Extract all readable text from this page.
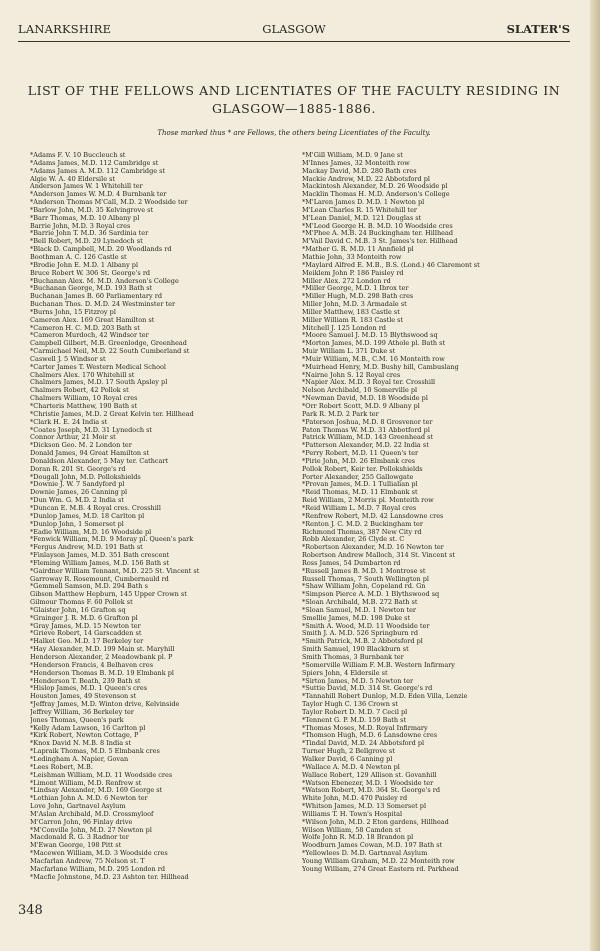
LANARKSHIRE	GLASGOW	SLATER'S
LIST OF THE FELLOWS AND LICENTIATES OF THE FACULTY RESIDING IN
GLASGOW—1885-1886.
Those marked thus * are Fellows, the others being Licentiates of the Faculty.
*Adams F. V. 10 Buccleuch st
*Adams James, M.D. 112 Cambridge st
*Adams James A. M.D. 112 Cambridge st
Algie W. A. 40 Eldersile st
Anderson James W. 1 Whitehill ter
*Anderson James W. M.D. 4 Burnbank ter
*Anderson Thomas M'Call, M.D. 2 Woodside ter
*Barlow John, M.D. 35 Kelvingrove st
*Barr Thomas, M.D. 10 Albany pl
Barrie John, M.D. 3 Royal cres
*Barrie John T. M.D. 36 Sardinia ter
*Bell Robert, M.D. 29 Lynedoch st
*Black D. Campbell, M.D. 20 Woodlands rd
Boothman A. C. 126 Castle st
*Brodie John E. M.D. 1 Albany pl
Bruce Robert W. 306 St. George's rd
*Buchanan Alex. M. M.D. Anderson's College
*Buchanan George, M.D. 193 Bath st
Buchanan James B. 60 Parliamentary rd
Buchanan Thos. D. M.D. 24 Westminster ter
*Burns John, 15 Fitzroy pl
Cameron Alex. 169 Great Hamilton st
*Cameron H. C. M.D. 203 Bath st
*Cameron Murdoch, 42 Windsor ter
Campbell Gilbert, M.B. Greenlodge, Greenhead
*Carmichael Neil, M.D. 22 South Cumberland st
Caswell J. 5 Windsor st
*Carter James T. Western Medical School
Chalmers Alex. 170 Whitehill st
Chalmers James, M.D. 17 South Apsley pl
Chalmers Robert, 42 Pollok st
Chalmers William, 10 Royal cres
*Charteris Matthew, 190 Bath st
*Christie James, M.D. 2 Great Kelvin ter. Hillhead
*Clark H. E. 24 India st
*Coates Joseph, M.D. 31 Lynedoch st
Connor Arthur, 21 Moir st
*Dickson Geo. M. 2 London ter
Donald James, 94 Great Hamilton st
Donaldson Alexander, 5 May ter. Cathcart
Doran R. 201 St. George's rd
*Dougall John, M.D. Pollokshields
*Downie J. W. 7 Sandyford pl
Downie James, 26 Canning pl
*Dun Wm. G. M.D. 2 India st
*Duncan E. M.B. 4 Royal cres. Crosshill
*Dunlop James, M.D. 18 Carlton pl
*Dunlop John, 1 Somerset pl
*Eadie William, M.D. 16 Woodside pl
*Fenwick William, M.D. 9 Moray pl. Queen's park
*Fergus Andrew, M.D. 191 Bath st
*Finlayson James, M.D. 351 Bath crescent
*Fleming William James, M.D. 156 Bath st
*Gairdner William Tennant, M.D. 225 St. Vincent st
Garroway R. Rosemount, Cumbernauld rd
*Gemmell Samson, M.D. 294 Bath s
Gibson Matthew Hepburn, 145 Upper Crown st
Gilmour Thomas F. 60 Pollok st
*Glaister John, 16 Grafton sq
*Grainger J. R. M.D. 6 Grafton pl
*Gray James, M.D. 15 Newton ter
*Grieve Robert, 14 Garscadden st
*Halket Geo. M.D. 17 Berkeley ter
*Hay Alexander, M.D. 199 Main st. Maryhill
Henderson Alexander, 2 Meadowbank pl. P
*Henderson Francis, 4 Belhaven cres
*Henderson Thomas B. M.D. 19 Elmbank pl
*Henderson T. Beath, 239 Bath st
*Hislop James, M.D. 1 Queen's cres
Houston James, 49 Stevenson st
*Jeffray James, M.D. Winton drive, Kelvinside
Jeffrey William, 36 Berkeley ter
Jones Thomas, Queen's park
*Kelly Adam Lawson, 16 Carlton pl
*Kirk Robert, Newton Cottage, P
*Knox David N. M.B. 8 India st
*Lapraik Thomas, M.D. 5 Elmbank cres
*Ledingham A. Napier, Govan
*Lees Robert, M.B.
*Leishman William, M.D. 11 Woodside cres
*Limont William, M.D. Renfrew st
*Lindsay Alexander, M.D. 169 George st
*Lothian John A. M.D. 6 Newton ter
Love John, Gartnavel Asylum
M'Aslan Archibald, M.D. Crossmyloof
M'Carron John, 96 Finlay drive
*M'Conville John, M.D. 27 Newton pl
Macdonald R. G. 3 Radnor ter
M'Ewan George, 198 Pitt st
*Macewen William, M.D. 3 Woodside cres
Macfarlan Andrew, 75 Nelson st. T
Macfarlane William, M.D. 295 London rd
*Macfie Johnstone, M.D. 23 Ashton ter. Hillhead
*M'Gill William, M.D. 9 Jane st
M'Innes James, 32 Monteith row
Mackay David, M.D. 280 Bath cres
Mackie Andrew, M.D. 22 Abbotsford pl
Mackintosh Alexander, M.D. 26 Woodside pl
Macklin Thomas H. M.D. Anderson's College
*M'Laren James D. M.D. 1 Newton pl
M'Lean Charles R. 15 Whitehill ter
M'Lean Daniel, M.D. 121 Douglas st
*M'Leod George H. B. M.D. 10 Woodside cres
*M'Phee A. M.B. 24 Buckingham ter. Hillhead
M'Vail David C. M.B. 3 St. James's ter. Hillhead
*Mather G. R. M.D. 11 Annfield pl
Mathie John, 33 Monteith row
*Maylard Alfred E. M.B., B.S. (Lond.) 46 Claremont st
Meiklem John P. 186 Paisley rd
Miller Alex. 272 London rd
*Miller George, M.D. 1 Ibrox ter
*Miller Hugh, M.D. 298 Bath cres
Miller John, M.D. 3 Armadale st
Miller Matthew, 183 Castle st
Miller William R. 183 Castle st
Mitchell J. 125 London rd
*Moore Samuel J. M.D. 15 Blythswood sq
*Morton James, M.D. 199 Athole pl. Bath st
Muir William L. 371 Duke st
*Muir William, M.B., C.M. 16 Monteith row
*Muirhead Henry, M.D. Bushy hill, Cambuslang
*Nairne John S. 12 Royal cres
*Napier Alex. M.D. 3 Royal ter. Crosshill
Nelson Archibald, 10 Somerville pl
*Newman David, M.D. 18 Woodside pl
*Orr Robert Scott, M.D. 9 Albany pl
Park R. M.D. 2 Park ter
*Paterson Joshua, M.D. 8 Grosvenor ter
Paton Thomas W. M.D. 31 Abbotford pl
Patrick William, M.D. 143 Greenhead st
*Patterson Alexander, M.D. 22 India st
*Perry Robert, M.D. 11 Queen's ter
*Pirie John, M.D. 26 Elmbank cres
Pollok Robert, Keir ter. Pollokshields
Porter Alexander, 255 Gallowgate
*Provan James, M.D. 1 Tullialian pl
*Reid Thomas, M.D. 11 Elmbank st
Reid William, 2 Morris pl. Monteith row
*Reid William L. M.D. 7 Royal cres
*Renfrew Robert, M.D. 42 Lansdowne cres
*Renton J. C. M.D. 2 Buckingham ter
Richmond Thomas, 387 New City rd
Robb Alexander, 26 Clyde st. C
*Robertson Alexander, M.D. 16 Newton ter
Robertson Andrew Malloch, 314 St. Vincent st
Ross James, 54 Dumbarton rd
*Russell James B. M.D. 1 Montrose st
Russell Thomas, 7 South Wellington pl
*Shaw William John, Copeland rd. Gn
*Simpson Pierce A. M.D. 1 Blythswood sq
*Sloan Archibald, M.B. 272 Bath st
*Sloan Samuel, M.D. 1 Newton ter
Smellie James, M.D. 198 Duke st
*Smith A. Wood, M.D. 11 Woodside ter
Smith J. A. M.D. 526 Springburn rd
*Smith Patrick, M.B. 2 Abbotsford pl
Smith Samuel, 190 Blackburn st
Smith Thomas, 3 Burnbank ter
*Somerville William F. M.B. Western Infirmary
Spiers John, 4 Eldersile st
*Sirton James, M.D. 5 Newton ter
*Suttie David, M.D. 314 St. George's rd
*Tannahill Robert Dunlop, M.D. Eden Villa, Lenzie
Taylor Hugh C. 136 Crown st
Taylor Robert D. M.D. 7 Cecil pl
*Tennent G. P. M.D. 159 Bath st
*Thomas Moses, M.D. Royal Infirmary
*Thomson Hugh, M.D. 6 Lansdowne cres
*Tindal David, M.D. 24 Abbotsford pl
Turner Hugh, 2 Bellgrove st
Walker David, 6 Canning pl
*Wallace A. M.D. 4 Newton pl
Wallace Robert, 129 Allison st. Govanhill
*Watson Ebenezer, M.D. 1 Woodside ter
*Watson Robert, M.D. 364 St. George's rd
White John, M.D. 470 Paisley rd
*Whitson James, M.D. 13 Somerset pl
Williams T. H. Town's Hospital
*Wilson John, M.D. 2 Eton gardens, Hillhead
Wilson William, 58 Camden st
Wolfe John R. M.D. 18 Brandon pl
Woodburn James Cowan, M.D. 197 Bath st
*Yellowlees D. M.D. Gartnaval Asylum
Young William Graham, M.D. 22 Monteith row
Young William, 274 Great Eastern rd. Parkhead
348
